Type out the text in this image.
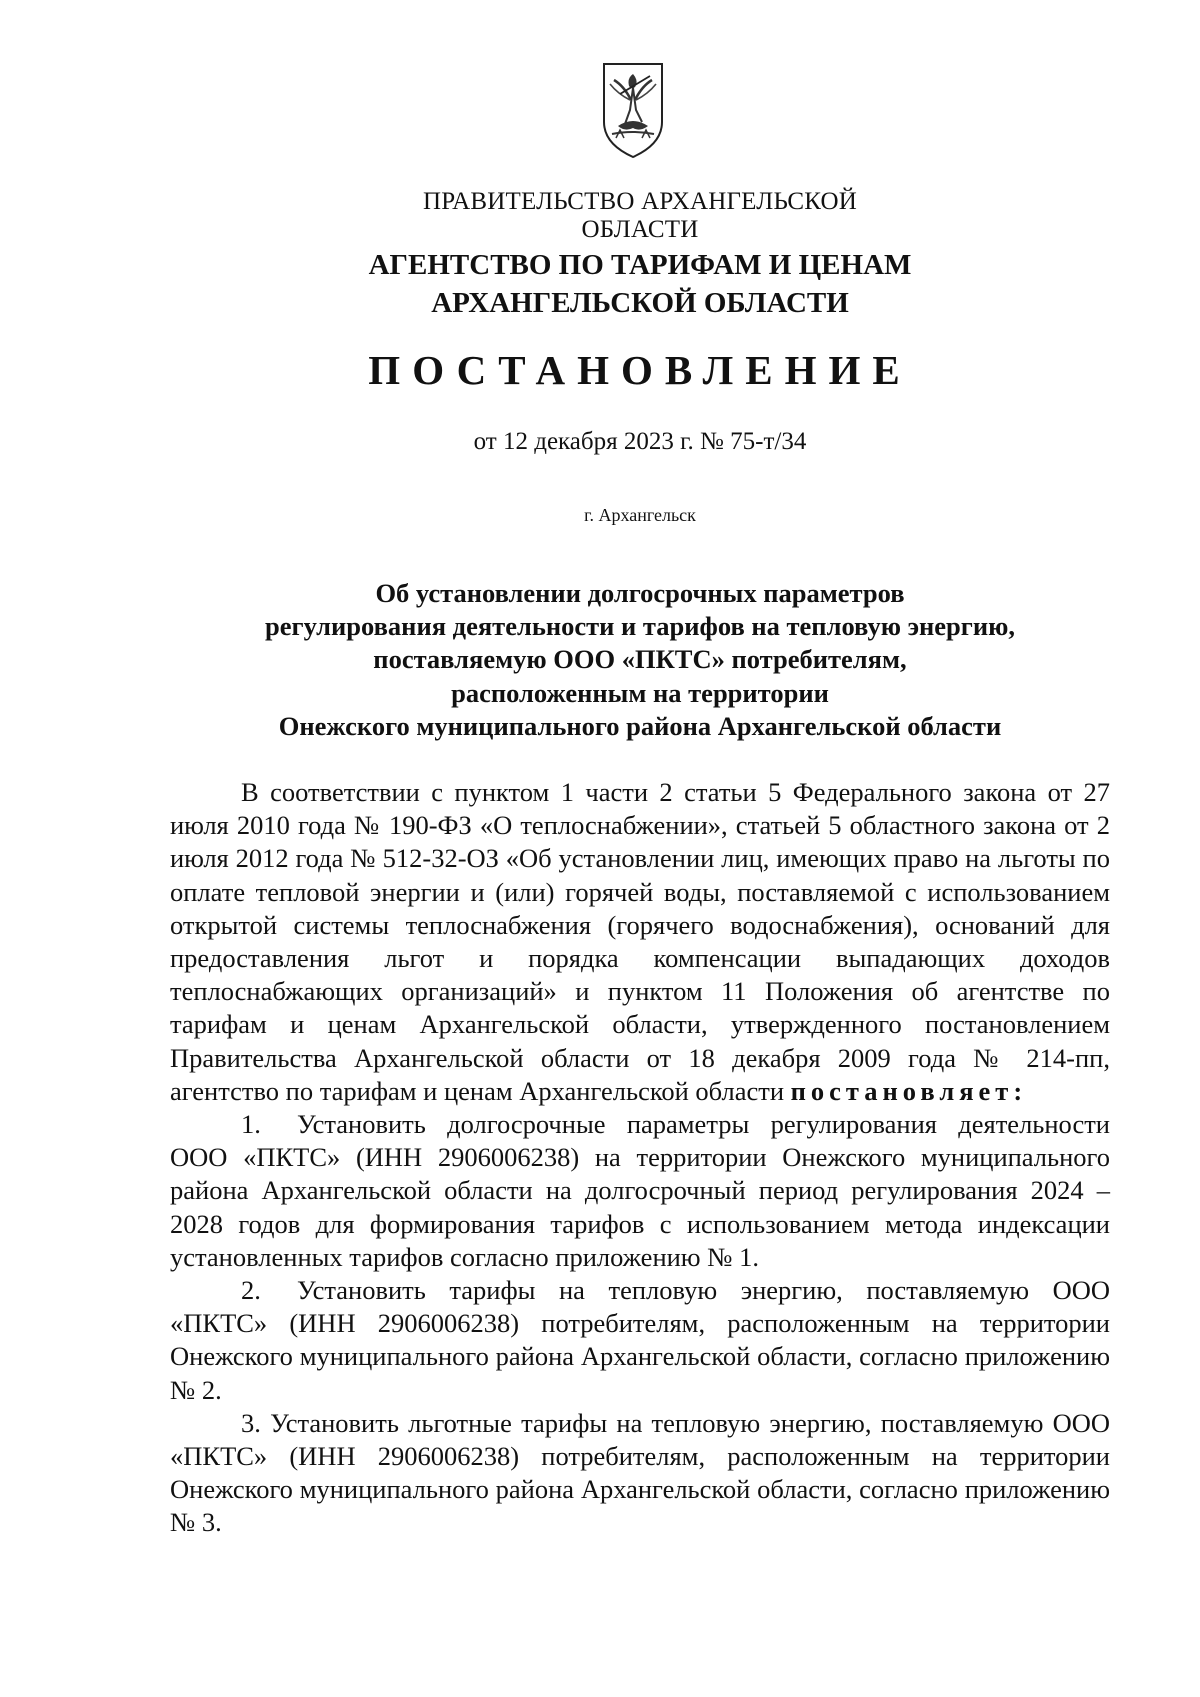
ПРАВИТЕЛЬСТВО АРХАНГЕЛЬСКОЙ ОБЛАСТИ
АГЕНТСТВО ПО ТАРИФАМ И ЦЕНАМ
АРХАНГЕЛЬСКОЙ ОБЛАСТИ
ПОСТАНОВЛЕНИЕ
от 12 декабря 2023 г. № 75-т/34
г. Архангельск
Об установлении долгосрочных параметров
регулирования деятельности и тарифов на тепловую энергию,
поставляемую ООО «ПКТС» потребителям,
расположенным на территории
Онежского муниципального района Архангельской области

В соответствии с пунктом 1 части 2 статьи 5 Федерального закона от 27 июля 2010 года № 190-ФЗ «О теплоснабжении», статьей 5 областного закона от 2 июля 2012 года № 512-32-ОЗ «Об установлении лиц, имеющих право на льготы по оплате тепловой энергии и (или) горячей воды, поставляемой с использованием открытой системы теплоснабжения (горячего водоснабжения), оснований для предоставления льгот и порядка компенсации выпадающих доходов теплоснабжающих организаций» и пунктом 11 Положения об агентстве по тарифам и ценам Архангельской области, утвержденного постановлением Правительства Архангельской области от 18 декабря 2009 года № 214-пп, агентство по тарифам и ценам Архангельской области постановляет:

1. Установить долгосрочные параметры регулирования деятельности ООО «ПКТС» (ИНН 2906006238) на территории Онежского муниципального района Архангельской области на долгосрочный период регулирования 2024 – 2028 годов для формирования тарифов с использованием метода индексации установленных тарифов согласно приложению № 1.

2. Установить тарифы на тепловую энергию, поставляемую ООО «ПКТС» (ИНН 2906006238) потребителям, расположенным на территории Онежского муниципального района Архангельской области, согласно приложению № 2.

3. Установить льготные тарифы на тепловую энергию, поставляемую ООО «ПКТС» (ИНН 2906006238) потребителям, расположенным на территории Онежского муниципального района Архангельской области, согласно приложению № 3.
